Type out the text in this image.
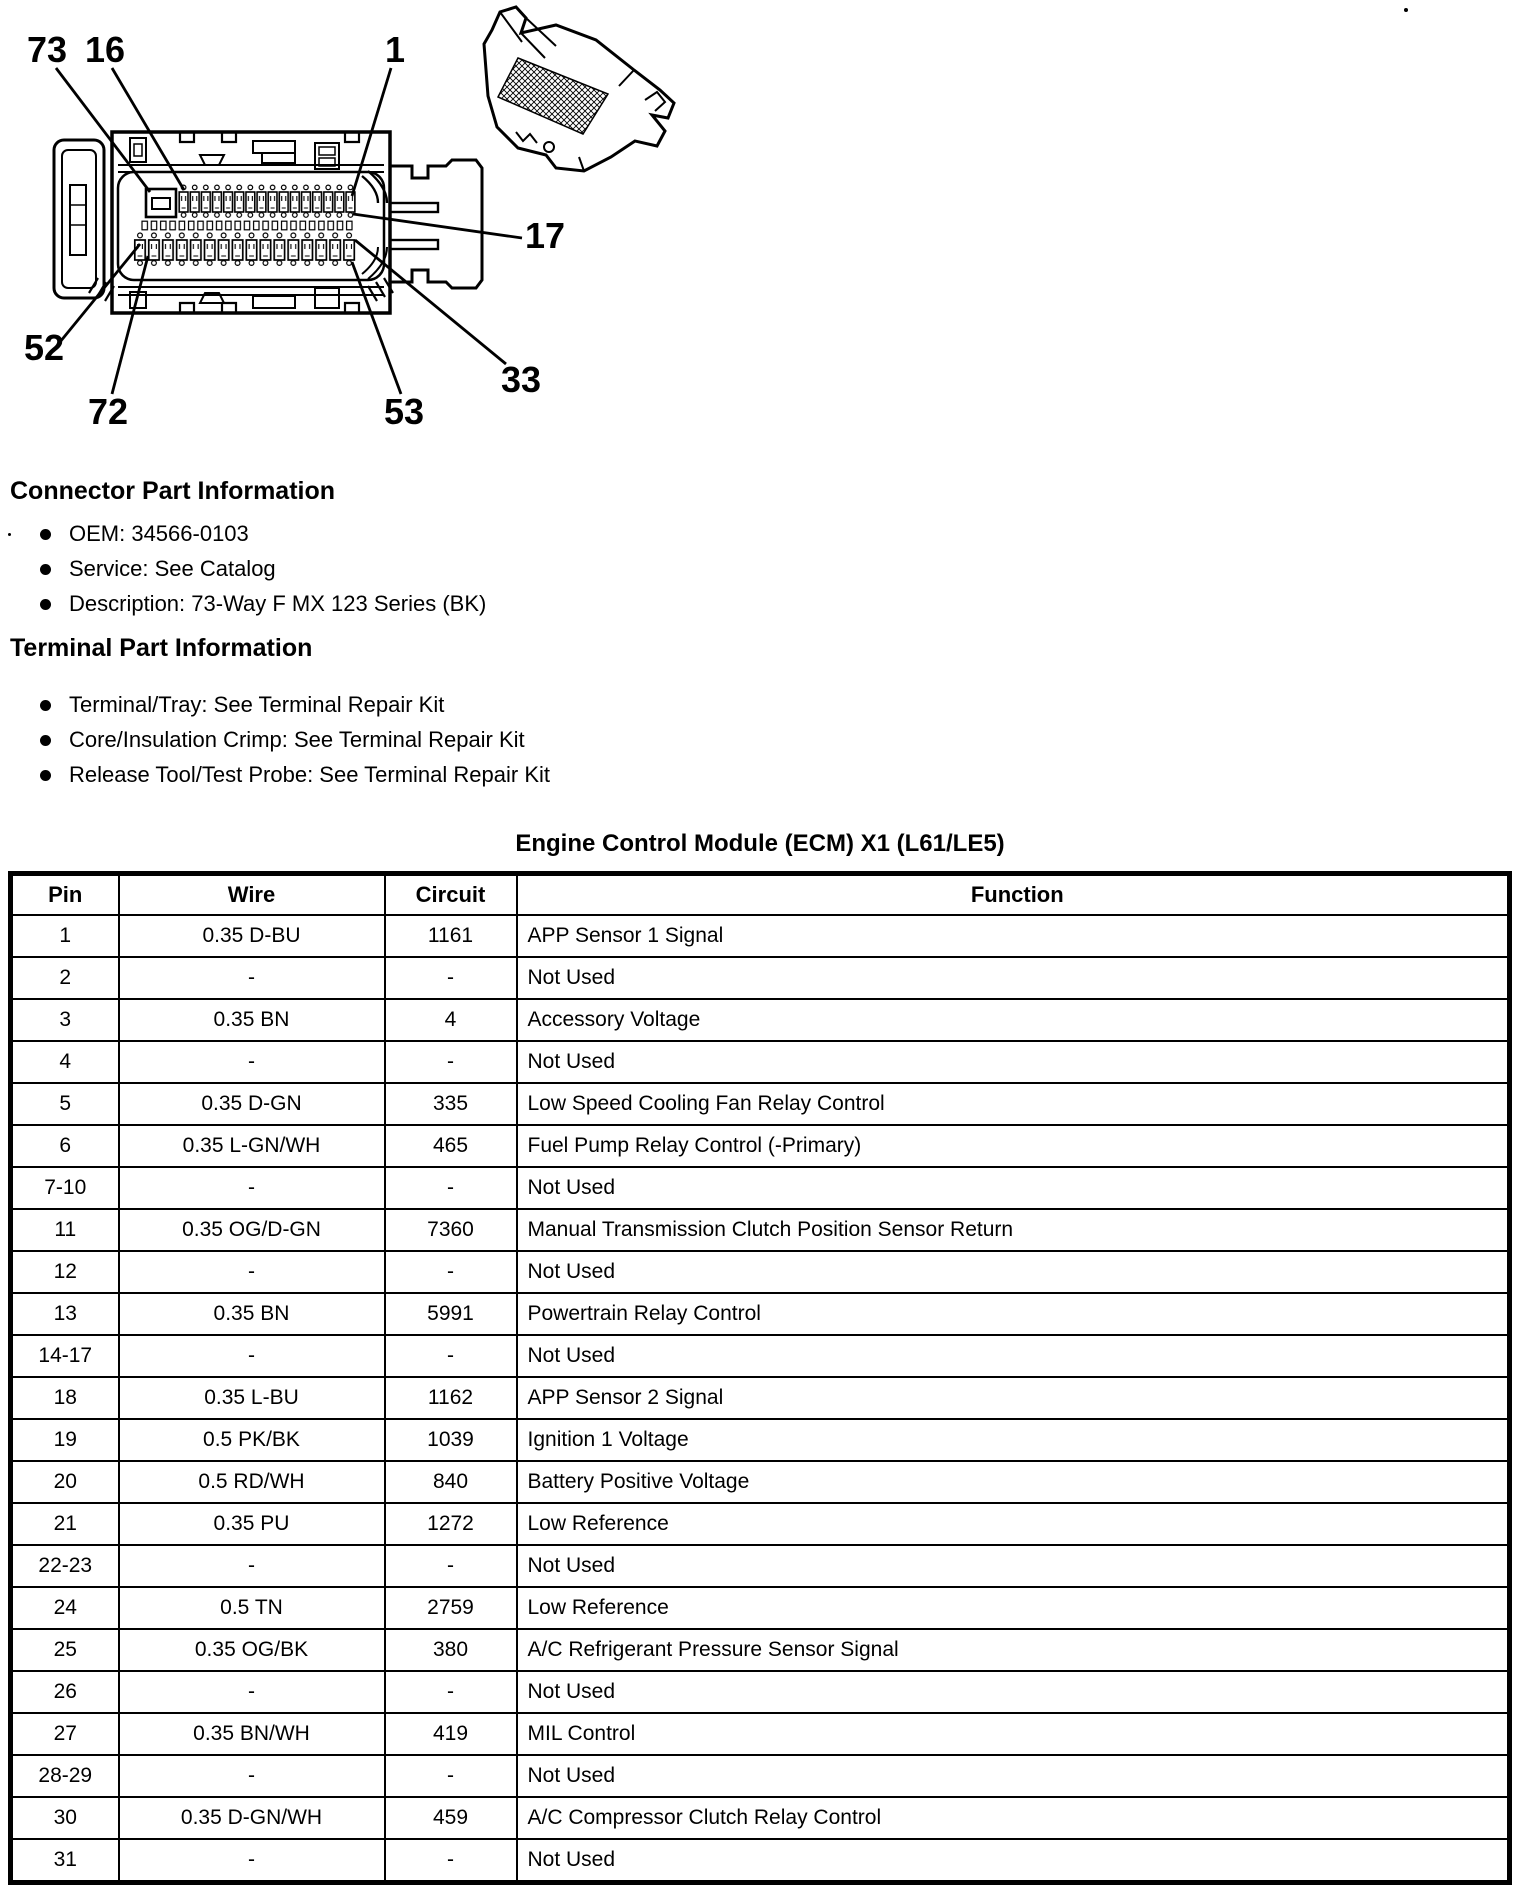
73 16	1
17
33
53
72
52
Connector Part Information
OEM: 34566-0103
Service: See Catalog
Description: 73-Way F MX 123 Series (BK)
Terminal Part Information
Terminal/Tray: See Terminal Repair Kit
Core/Insulation Crimp: See Terminal Repair Kit
Release Tool/Test Probe: See Terminal Repair Kit
Engine Control Module (ECM) X1 (L61/LE5)
Pin	Wire	Circuit	Function
1	0.35 D-BU	1161	APP Sensor 1 Signal
2	-	-	Not Used
3	0.35 BN	4	Accessory Voltage
4	-	-	Not Used
5	0.35 D-GN	335	Low Speed Cooling Fan Relay Control
6	0.35 L-GN/WH	465	Fuel Pump Relay Control (-Primary)
7-10	-	-	Not Used
11	0.35 OG/D-GN	7360	Manual Transmission Clutch Position Sensor Return
12	-	-	Not Used
13	0.35 BN	5991	Powertrain Relay Control
14-17	-	-	Not Used
18	0.35 L-BU	1162	APP Sensor 2 Signal
19	0.5 PK/BK	1039	Ignition 1 Voltage
20	0.5 RD/WH	840	Battery Positive Voltage
21	0.35 PU	1272	Low Reference
22-23	-	-	Not Used
24	0.5 TN	2759	Low Reference
25	0.35 OG/BK	380	A/C Refrigerant Pressure Sensor Signal
26	-	-	Not Used
27	0.35 BN/WH	419	MIL Control
28-29	-	-	Not Used
30	0.35 D-GN/WH	459	A/C Compressor Clutch Relay Control
31	-	-	Not Used
